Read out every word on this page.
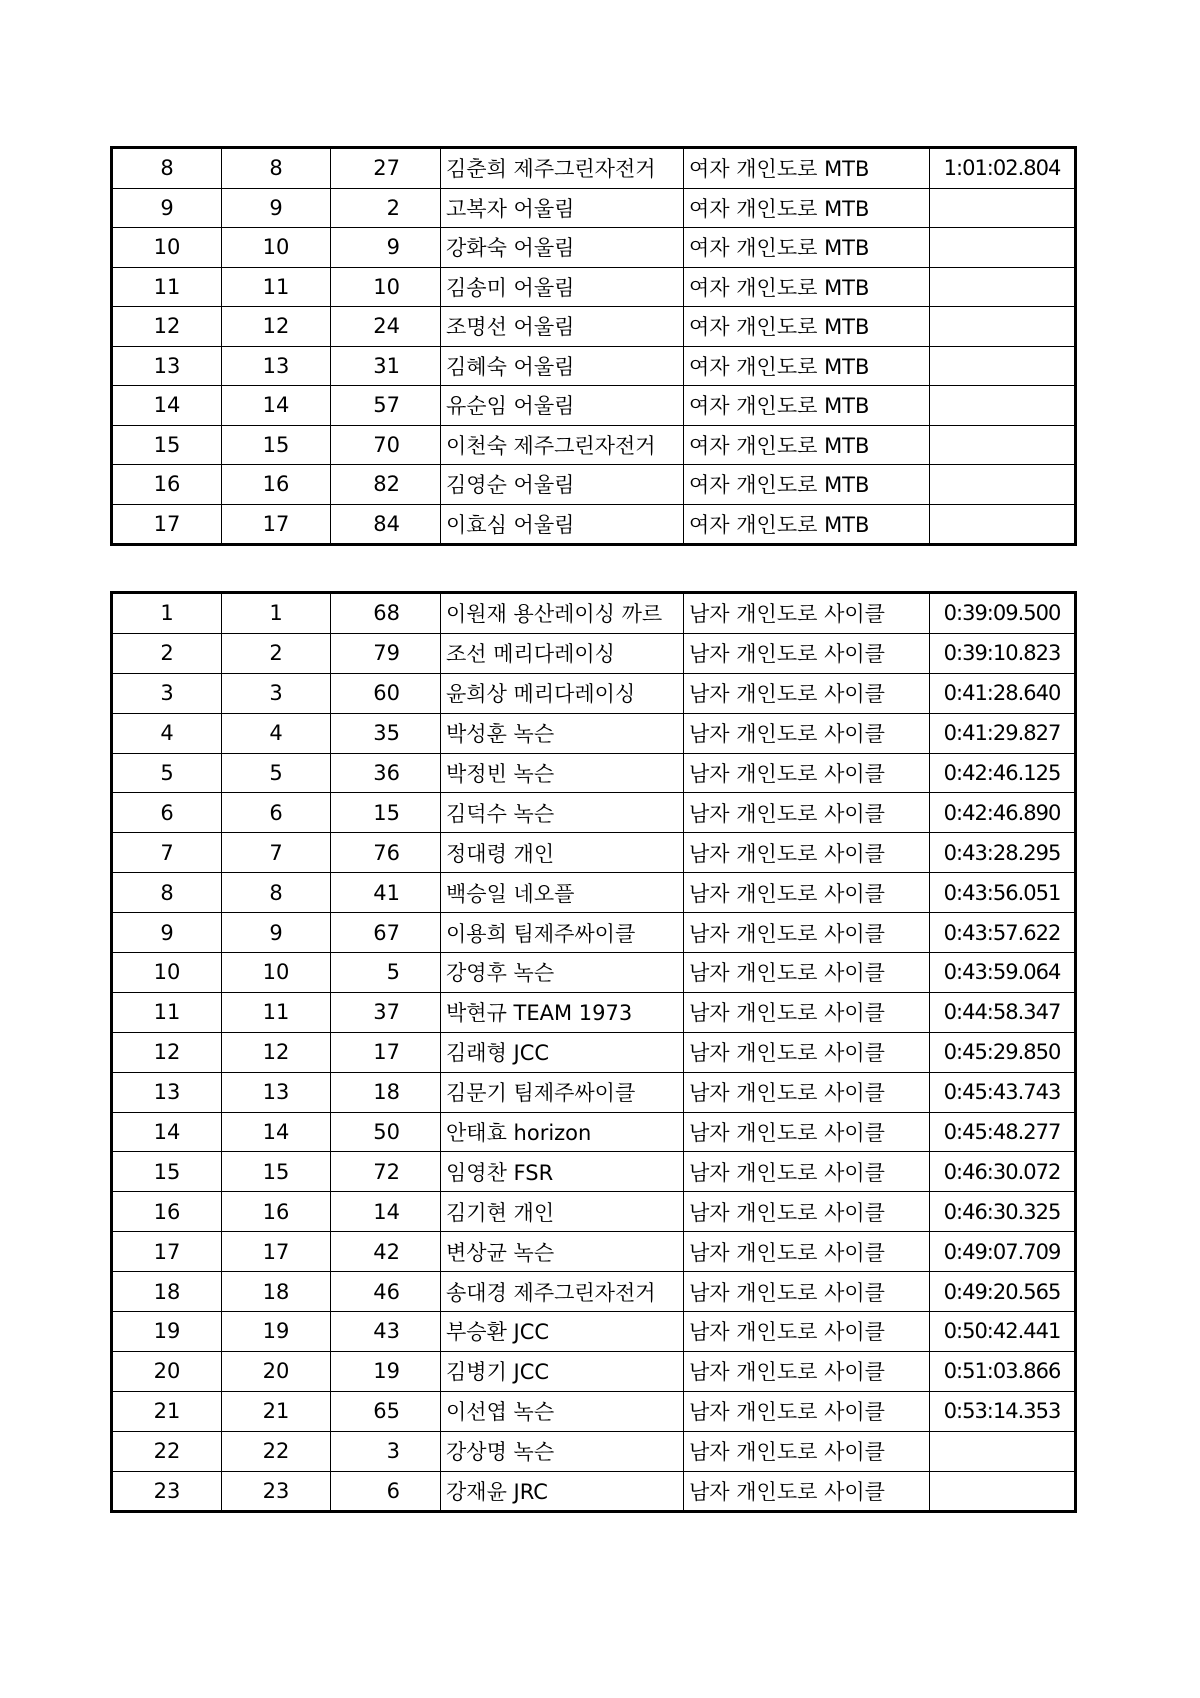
8	8	27	김춘희 제주그린자전거	여자 개인도로 MTB	1:01:02.804
9	9	2	고복자 어울림	여자 개인도로 MTB	
10	10	9	강화숙 어울림	여자 개인도로 MTB	
11	11	10	김송미 어울림	여자 개인도로 MTB	
12	12	24	조명선 어울림	여자 개인도로 MTB	
13	13	31	김혜숙 어울림	여자 개인도로 MTB	
14	14	57	유순임 어울림	여자 개인도로 MTB	
15	15	70	이천숙 제주그린자전거	여자 개인도로 MTB	
16	16	82	김영순 어울림	여자 개인도로 MTB	
17	17	84	이효심 어울림	여자 개인도로 MTB	
1	1	68	이원재 용산레이싱 까르	남자 개인도로 사이클	0:39:09.500
2	2	79	조선 메리다레이싱	남자 개인도로 사이클	0:39:10.823
3	3	60	윤희상 메리다레이싱	남자 개인도로 사이클	0:41:28.640
4	4	35	박성훈 녹슨	남자 개인도로 사이클	0:41:29.827
5	5	36	박정빈 녹슨	남자 개인도로 사이클	0:42:46.125
6	6	15	김덕수 녹슨	남자 개인도로 사이클	0:42:46.890
7	7	76	정대령 개인	남자 개인도로 사이클	0:43:28.295
8	8	41	백승일 네오플	남자 개인도로 사이클	0:43:56.051
9	9	67	이용희 팀제주싸이클	남자 개인도로 사이클	0:43:57.622
10	10	5	강영후 녹슨	남자 개인도로 사이클	0:43:59.064
11	11	37	박현규 TEAM 1973	남자 개인도로 사이클	0:44:58.347
12	12	17	김래형 JCC	남자 개인도로 사이클	0:45:29.850
13	13	18	김문기 팀제주싸이클	남자 개인도로 사이클	0:45:43.743
14	14	50	안태효 horizon	남자 개인도로 사이클	0:45:48.277
15	15	72	임영찬 FSR	남자 개인도로 사이클	0:46:30.072
16	16	14	김기현 개인	남자 개인도로 사이클	0:46:30.325
17	17	42	변상균 녹슨	남자 개인도로 사이클	0:49:07.709
18	18	46	송대경 제주그린자전거	남자 개인도로 사이클	0:49:20.565
19	19	43	부승환 JCC	남자 개인도로 사이클	0:50:42.441
20	20	19	김병기 JCC	남자 개인도로 사이클	0:51:03.866
21	21	65	이선엽 녹슨	남자 개인도로 사이클	0:53:14.353
22	22	3	강상명 녹슨	남자 개인도로 사이클	
23	23	6	강재윤 JRC	남자 개인도로 사이클	
